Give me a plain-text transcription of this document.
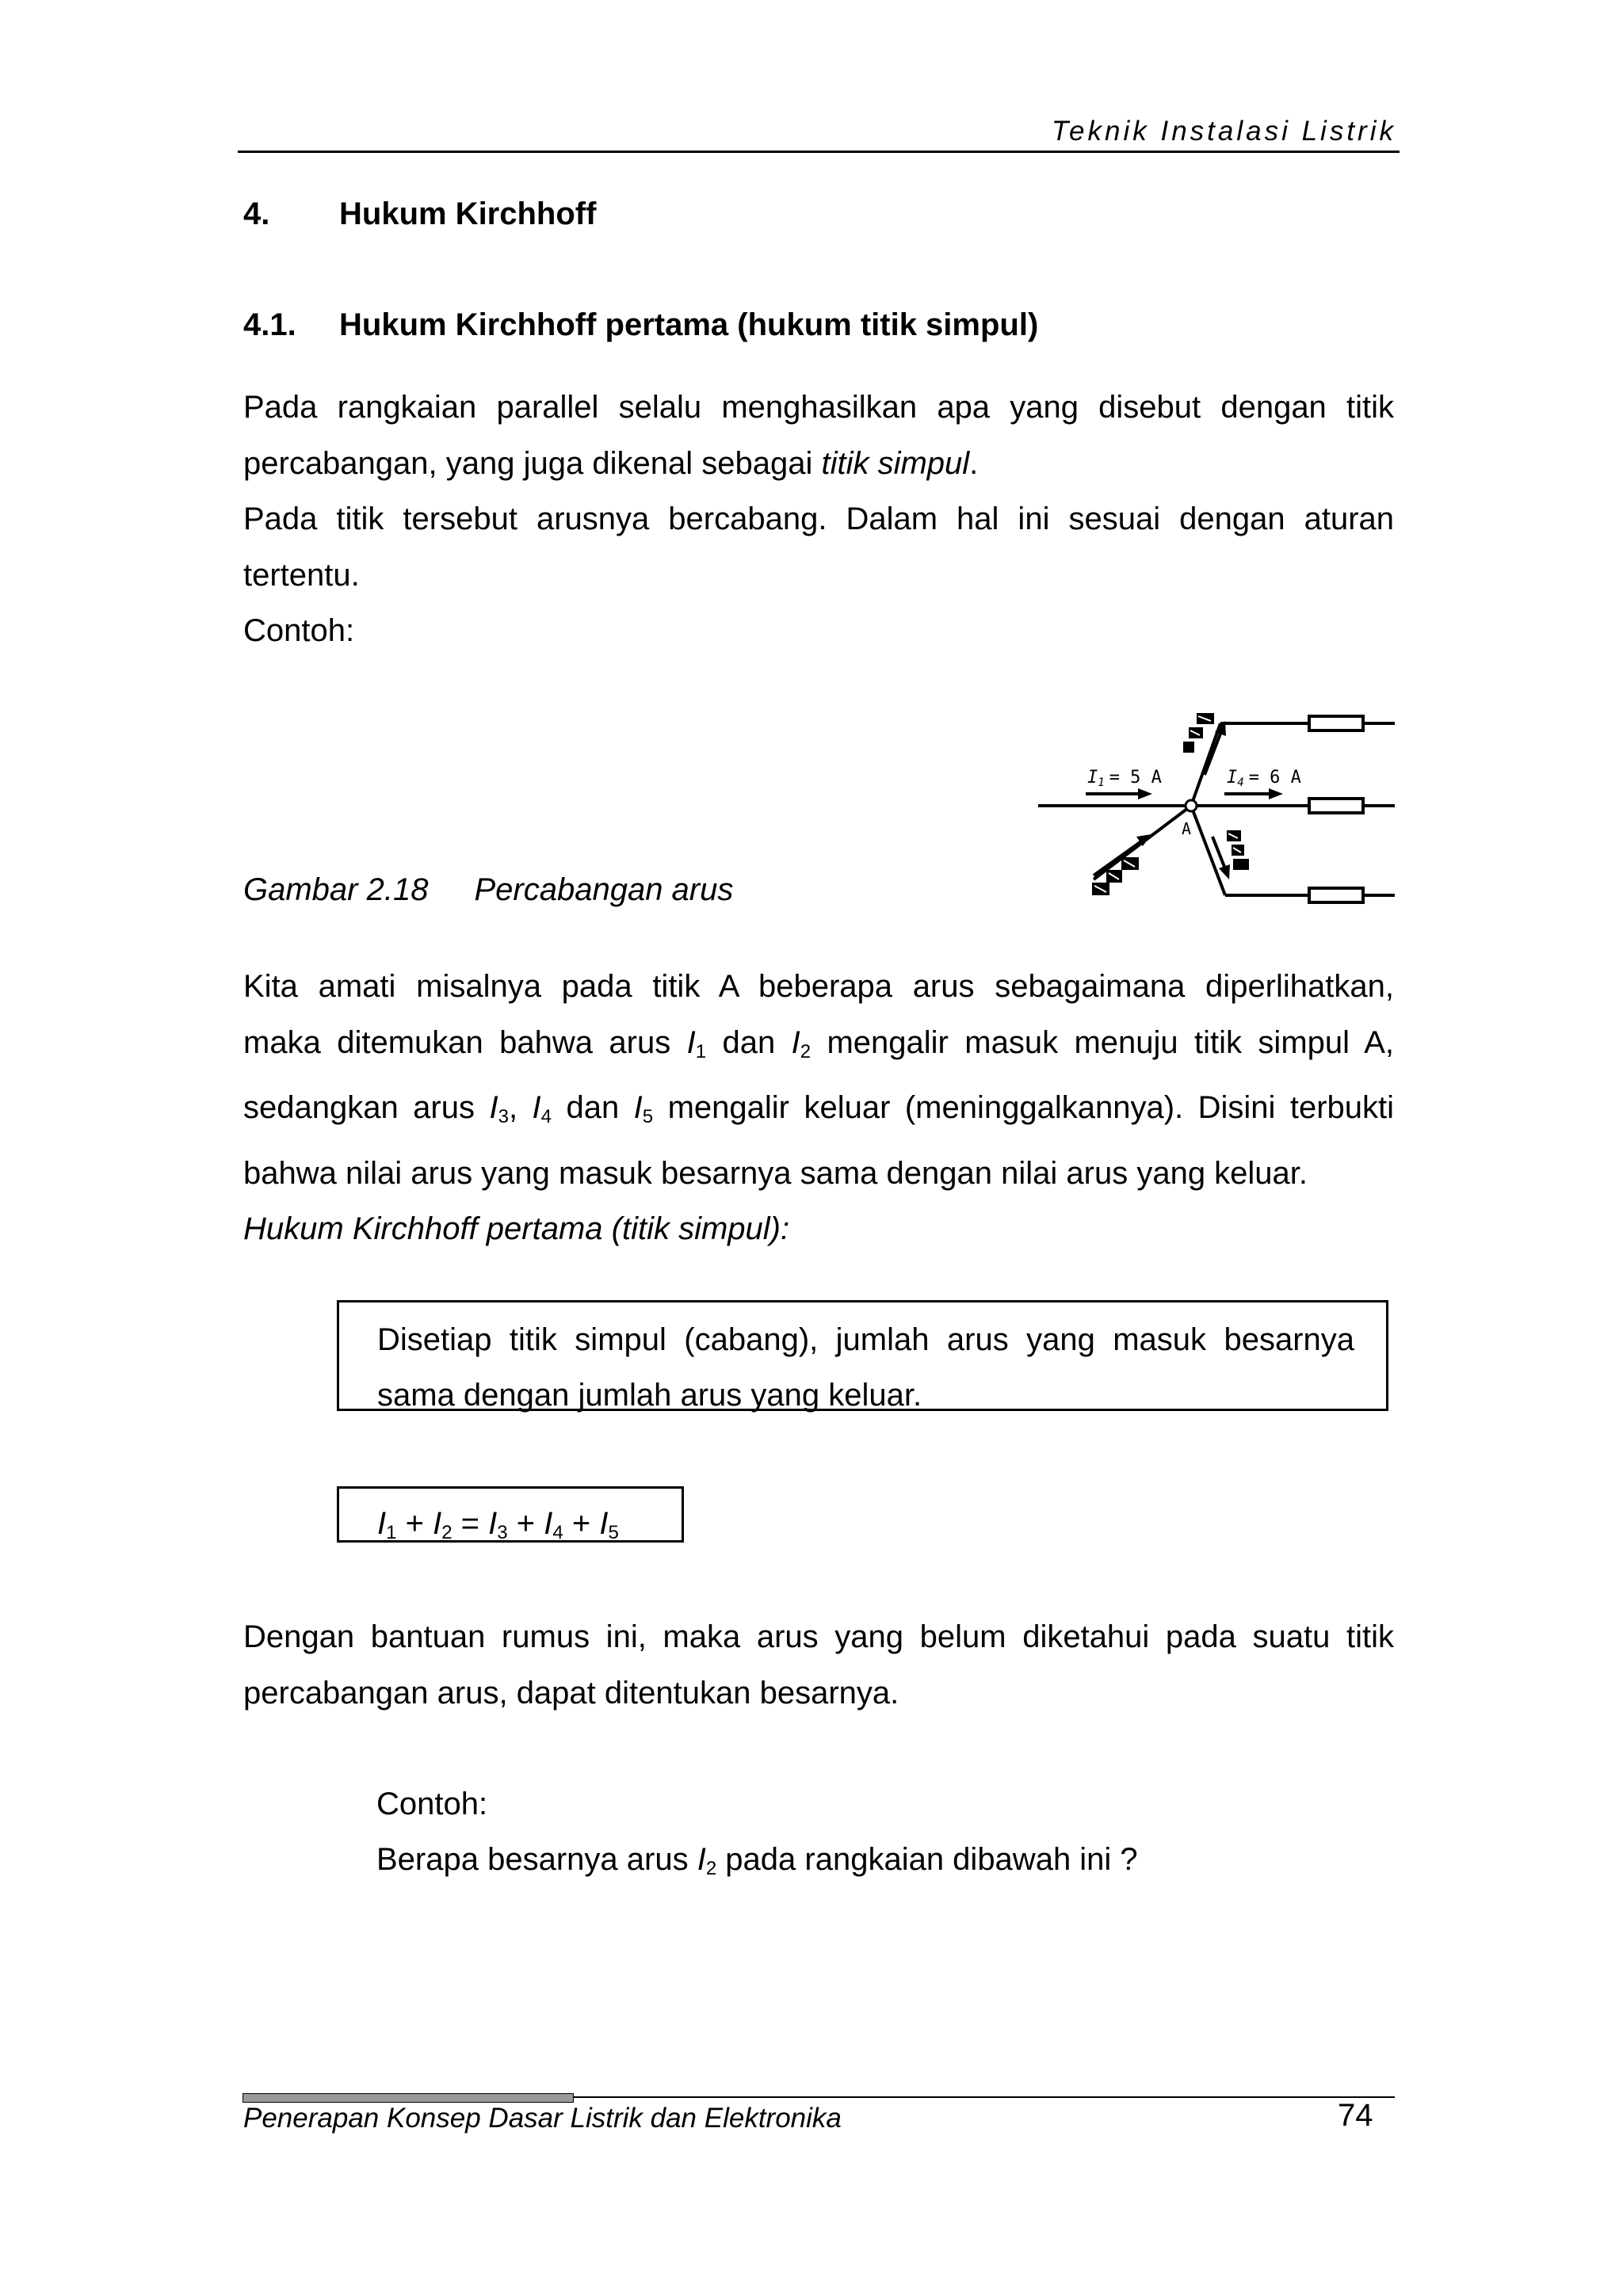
Teknik Instalasi Listrik
4. Hukum Kirchhoff
4.1. Hukum Kirchhoff pertama (hukum titik simpul)
Pada rangkaian parallel selalu menghasilkan apa yang disebut dengan titik
percabangan, yang juga dikenal sebagai titik simpul.
Pada titik tersebut arusnya bercabang. Dalam hal ini sesuai dengan aturan
tertentu.
Contoh:
A
I1 = 5 A	I4 = 6 A
Gambar 2.18 Percabangan arus
Kita amati misalnya pada titik A beberapa arus sebagaimana diperlihatkan,
maka ditemukan bahwa arus $I_1$ dan $I_2$ mengalir masuk menuju titik simpul A,
sedangkan arus $I_3$, $I_4$ dan $I_5$ mengalir keluar (meninggalkannya). Disini terbukti
bahwa nilai arus yang masuk besarnya sama dengan nilai arus yang keluar.
Hukum Kirchhoff pertama (titik simpul):
Disetiap titik simpul (cabang), jumlah arus yang masuk besarnya
sama dengan jumlah arus yang keluar.
$I_1 + I_2 = I_3 + I_4 + I_5$
Dengan bantuan rumus ini, maka arus yang belum diketahui pada suatu titik
percabangan arus, dapat ditentukan besarnya.
Contoh:
Berapa besarnya arus $I_2$ pada rangkaian dibawah ini ?
Penerapan Konsep Dasar Listrik dan Elektronika	74
